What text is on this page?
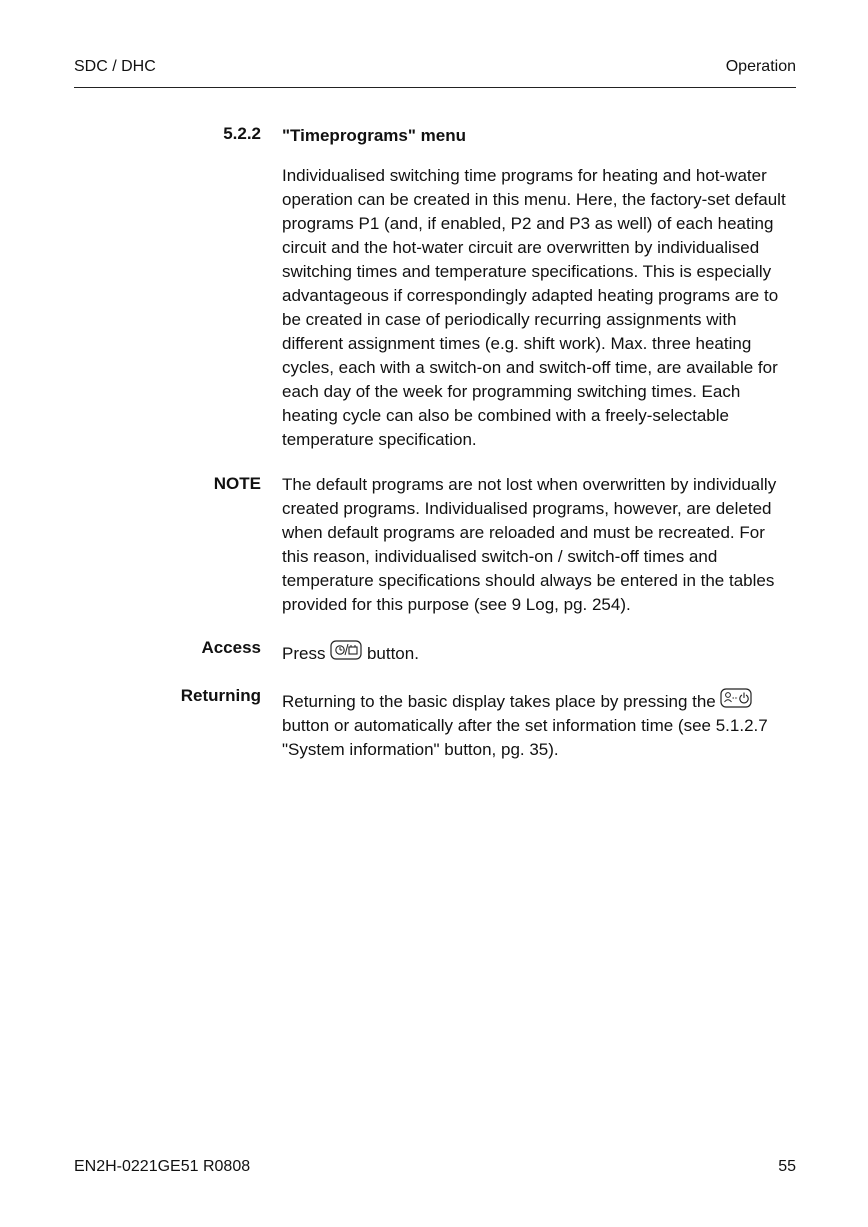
SDC / DHC	Operation
5.2.2 "Timeprograms" menu
Individualised switching time programs for heating and hot-water operation can be created in this menu. Here, the factory-set default programs P1 (and, if enabled, P2 and P3 as well) of each heating circuit and the hot-water circuit are overwritten by individualised switching times and temperature specifications. This is especially advantageous if correspondingly adapted heating programs are to be created in case of periodically recurring assignments with different assignment times (e.g. shift work). Max. three heating cycles, each with a switch-on and switch-off time, are available for each day of the week for programming switching times. Each heating cycle can also be combined with a freely-selectable temperature specification.
NOTE The default programs are not lost when overwritten by individually created programs. Individualised programs, however, are deleted when default programs are reloaded and must be recreated. For this reason, individualised switch-on / switch-off times and temperature specifications should always be entered in the tables provided for this purpose (see 9 Log, pg. 254).
Access Press button.
Returning Returning to the basic display takes place by pressing the
button or automatically after the set information time (see 5.1.2.7 "System information" button, pg. 35).
EN2H-0221GE51 R0808	55
